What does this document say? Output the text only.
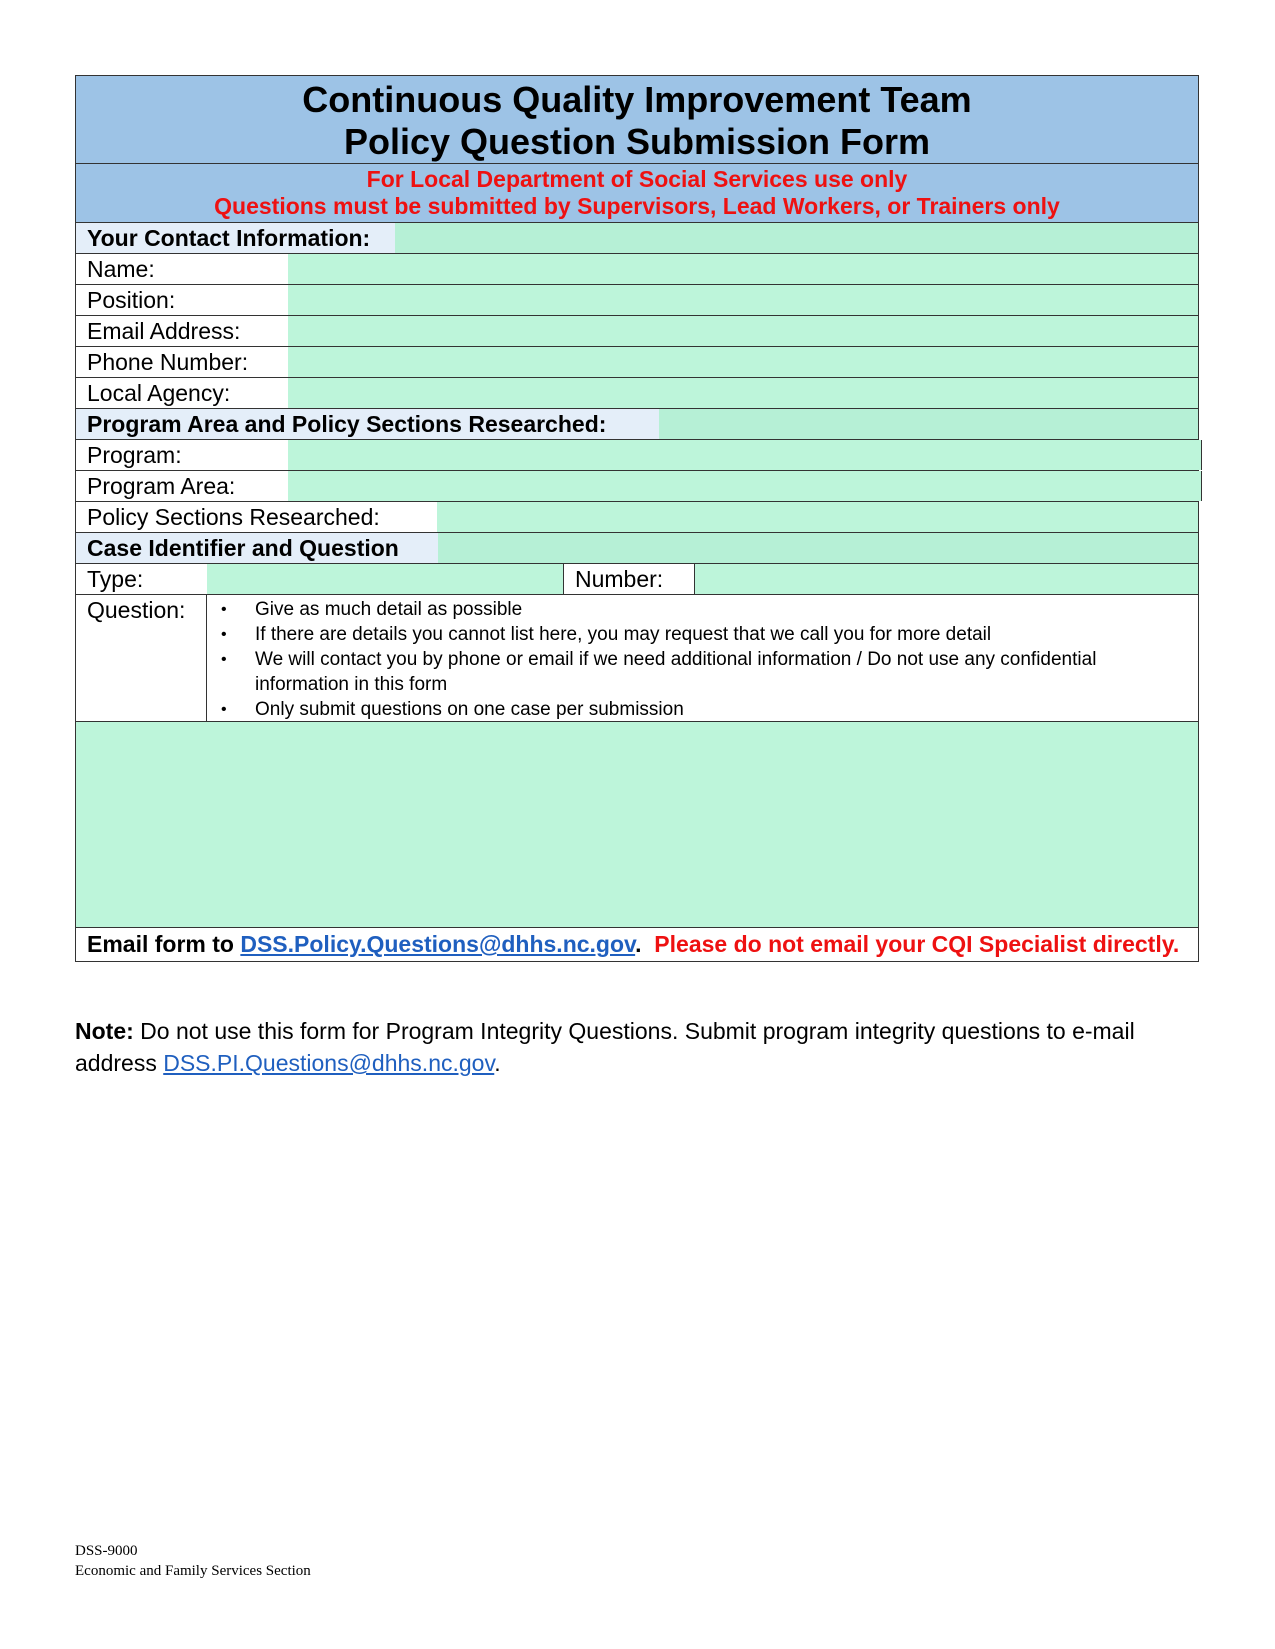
Continuous Quality Improvement Team
Policy Question Submission Form
For Local Department of Social Services use only
Questions must be submitted by Supervisors, Lead Workers, or Trainers only
Your Contact Information:
Name:
Position:
Email Address:
Phone Number:
Local Agency:
Program Area and Policy Sections Researched:
Program:
Program Area:
Policy Sections Researched:
Case Identifier and Question
Type:	Number:
Question:
•	Give as much detail as possible
• If there are details you cannot list here, you may request that we call you for more detail
• We will contact you by phone or email if we need additional information / Do not use any confidential information in this form
• Only submit questions on one case per submission
Email form to DSS.Policy.Questions@dhhs.nc.gov. Please do not email your CQI Specialist directly.
Note: Do not use this form for Program Integrity Questions. Submit program integrity questions to e-mail address DSS.PI.Questions@dhhs.nc.gov.
DSS-9000
Economic and Family Services Section
